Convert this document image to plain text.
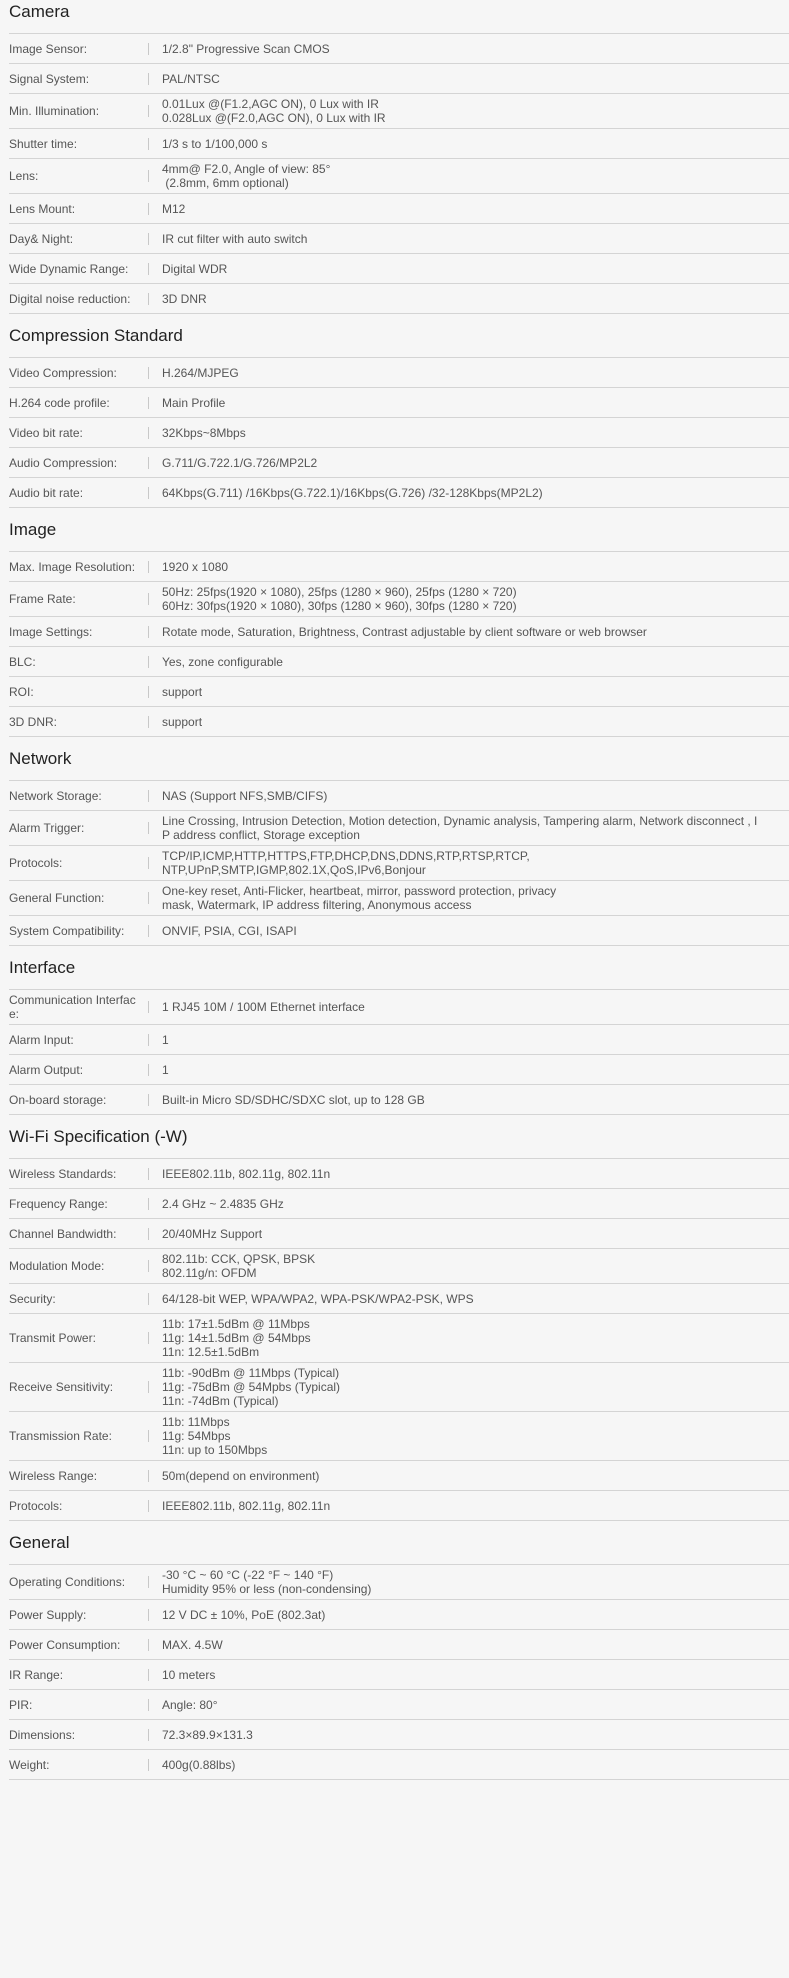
Camera
Image Sensor:	1/2.8" Progressive Scan CMOS
Signal System:	PAL/NTSC
Min. Illumination:	0.01Lux @(F1.2,AGC ON), 0 Lux with IR
0.028Lux @(F2.0,AGC ON), 0 Lux with IR
Shutter time:	1/3 s to 1/100,000 s
Lens:	4mm@ F2.0, Angle of view: 85°
(2.8mm, 6mm optional)
Lens Mount:	M12
Day& Night:	IR cut filter with auto switch
Wide Dynamic Range:	Digital WDR
Digital noise reduction:	3D DNR
Compression Standard
Video Compression:	H.264/MJPEG
H.264 code profile:	Main Profile
Video bit rate:	32Kbps~8Mbps
Audio Compression:	G.711/G.722.1/G.726/MP2L2
Audio bit rate:	64Kbps(G.711) /16Kbps(G.722.1)/16Kbps(G.726) /32-128Kbps(MP2L2)
Image
Max. Image Resolution:	1920 x 1080
Frame Rate:	50Hz: 25fps(1920 × 1080), 25fps (1280 × 960), 25fps (1280 × 720)
60Hz: 30fps(1920 × 1080), 30fps (1280 × 960), 30fps (1280 × 720)
Image Settings:	Rotate mode, Saturation, Brightness, Contrast adjustable by client software or web browser
BLC:	Yes, zone configurable
ROI:	support
3D DNR:	support
Network
Network Storage:	NAS (Support NFS,SMB/CIFS)
Alarm Trigger:	Line Crossing, Intrusion Detection, Motion detection, Dynamic analysis, Tampering alarm, Network disconnect , I
P address conflict, Storage exception
Protocols:	TCP/IP,ICMP,HTTP,HTTPS,FTP,DHCP,DNS,DDNS,RTP,RTSP,RTCP,
NTP,UPnP,SMTP,IGMP,802.1X,QoS,IPv6,Bonjour
General Function:	One-key reset, Anti-Flicker, heartbeat, mirror, password protection, privacy
mask, Watermark, IP address filtering, Anonymous access
System Compatibility:	ONVIF, PSIA, CGI, ISAPI
Interface
Communication Interface:	1 RJ45 10M / 100M Ethernet interface
Alarm Input:	1
Alarm Output:	1
On-board storage:	Built-in Micro SD/SDHC/SDXC slot, up to 128 GB
Wi-Fi Specification (-W)
Wireless Standards:	IEEE802.11b, 802.11g, 802.11n
Frequency Range:	2.4 GHz ~ 2.4835 GHz
Channel Bandwidth:	20/40MHz Support
Modulation Mode:	802.11b: CCK, QPSK, BPSK
802.11g/n: OFDM
Security:	64/128-bit WEP, WPA/WPA2, WPA-PSK/WPA2-PSK, WPS
Transmit Power:
11b: 17±1.5dBm @ 11Mbps
11g: 14±1.5dBm @ 54Mbps
11n: 12.5±1.5dBm
Receive Sensitivity:
11b: -90dBm @ 11Mbps (Typical)
11g: -75dBm @ 54Mpbs (Typical)
11n: -74dBm (Typical)
Transmission Rate:
11b: 11Mbps
11g: 54Mbps
11n: up to 150Mbps
Wireless Range:	50m(depend on environment)
Protocols:	IEEE802.11b, 802.11g, 802.11n
General
Operating Conditions:	-30 °C ~ 60 °C (-22 °F ~ 140 °F)
Humidity 95% or less (non-condensing)
Power Supply:	12 V DC ± 10%, PoE (802.3at)
Power Consumption:	MAX. 4.5W
IR Range:	10 meters
PIR:	Angle: 80°
Dimensions:	72.3×89.9×131.3
Weight:	400g(0.88lbs)
